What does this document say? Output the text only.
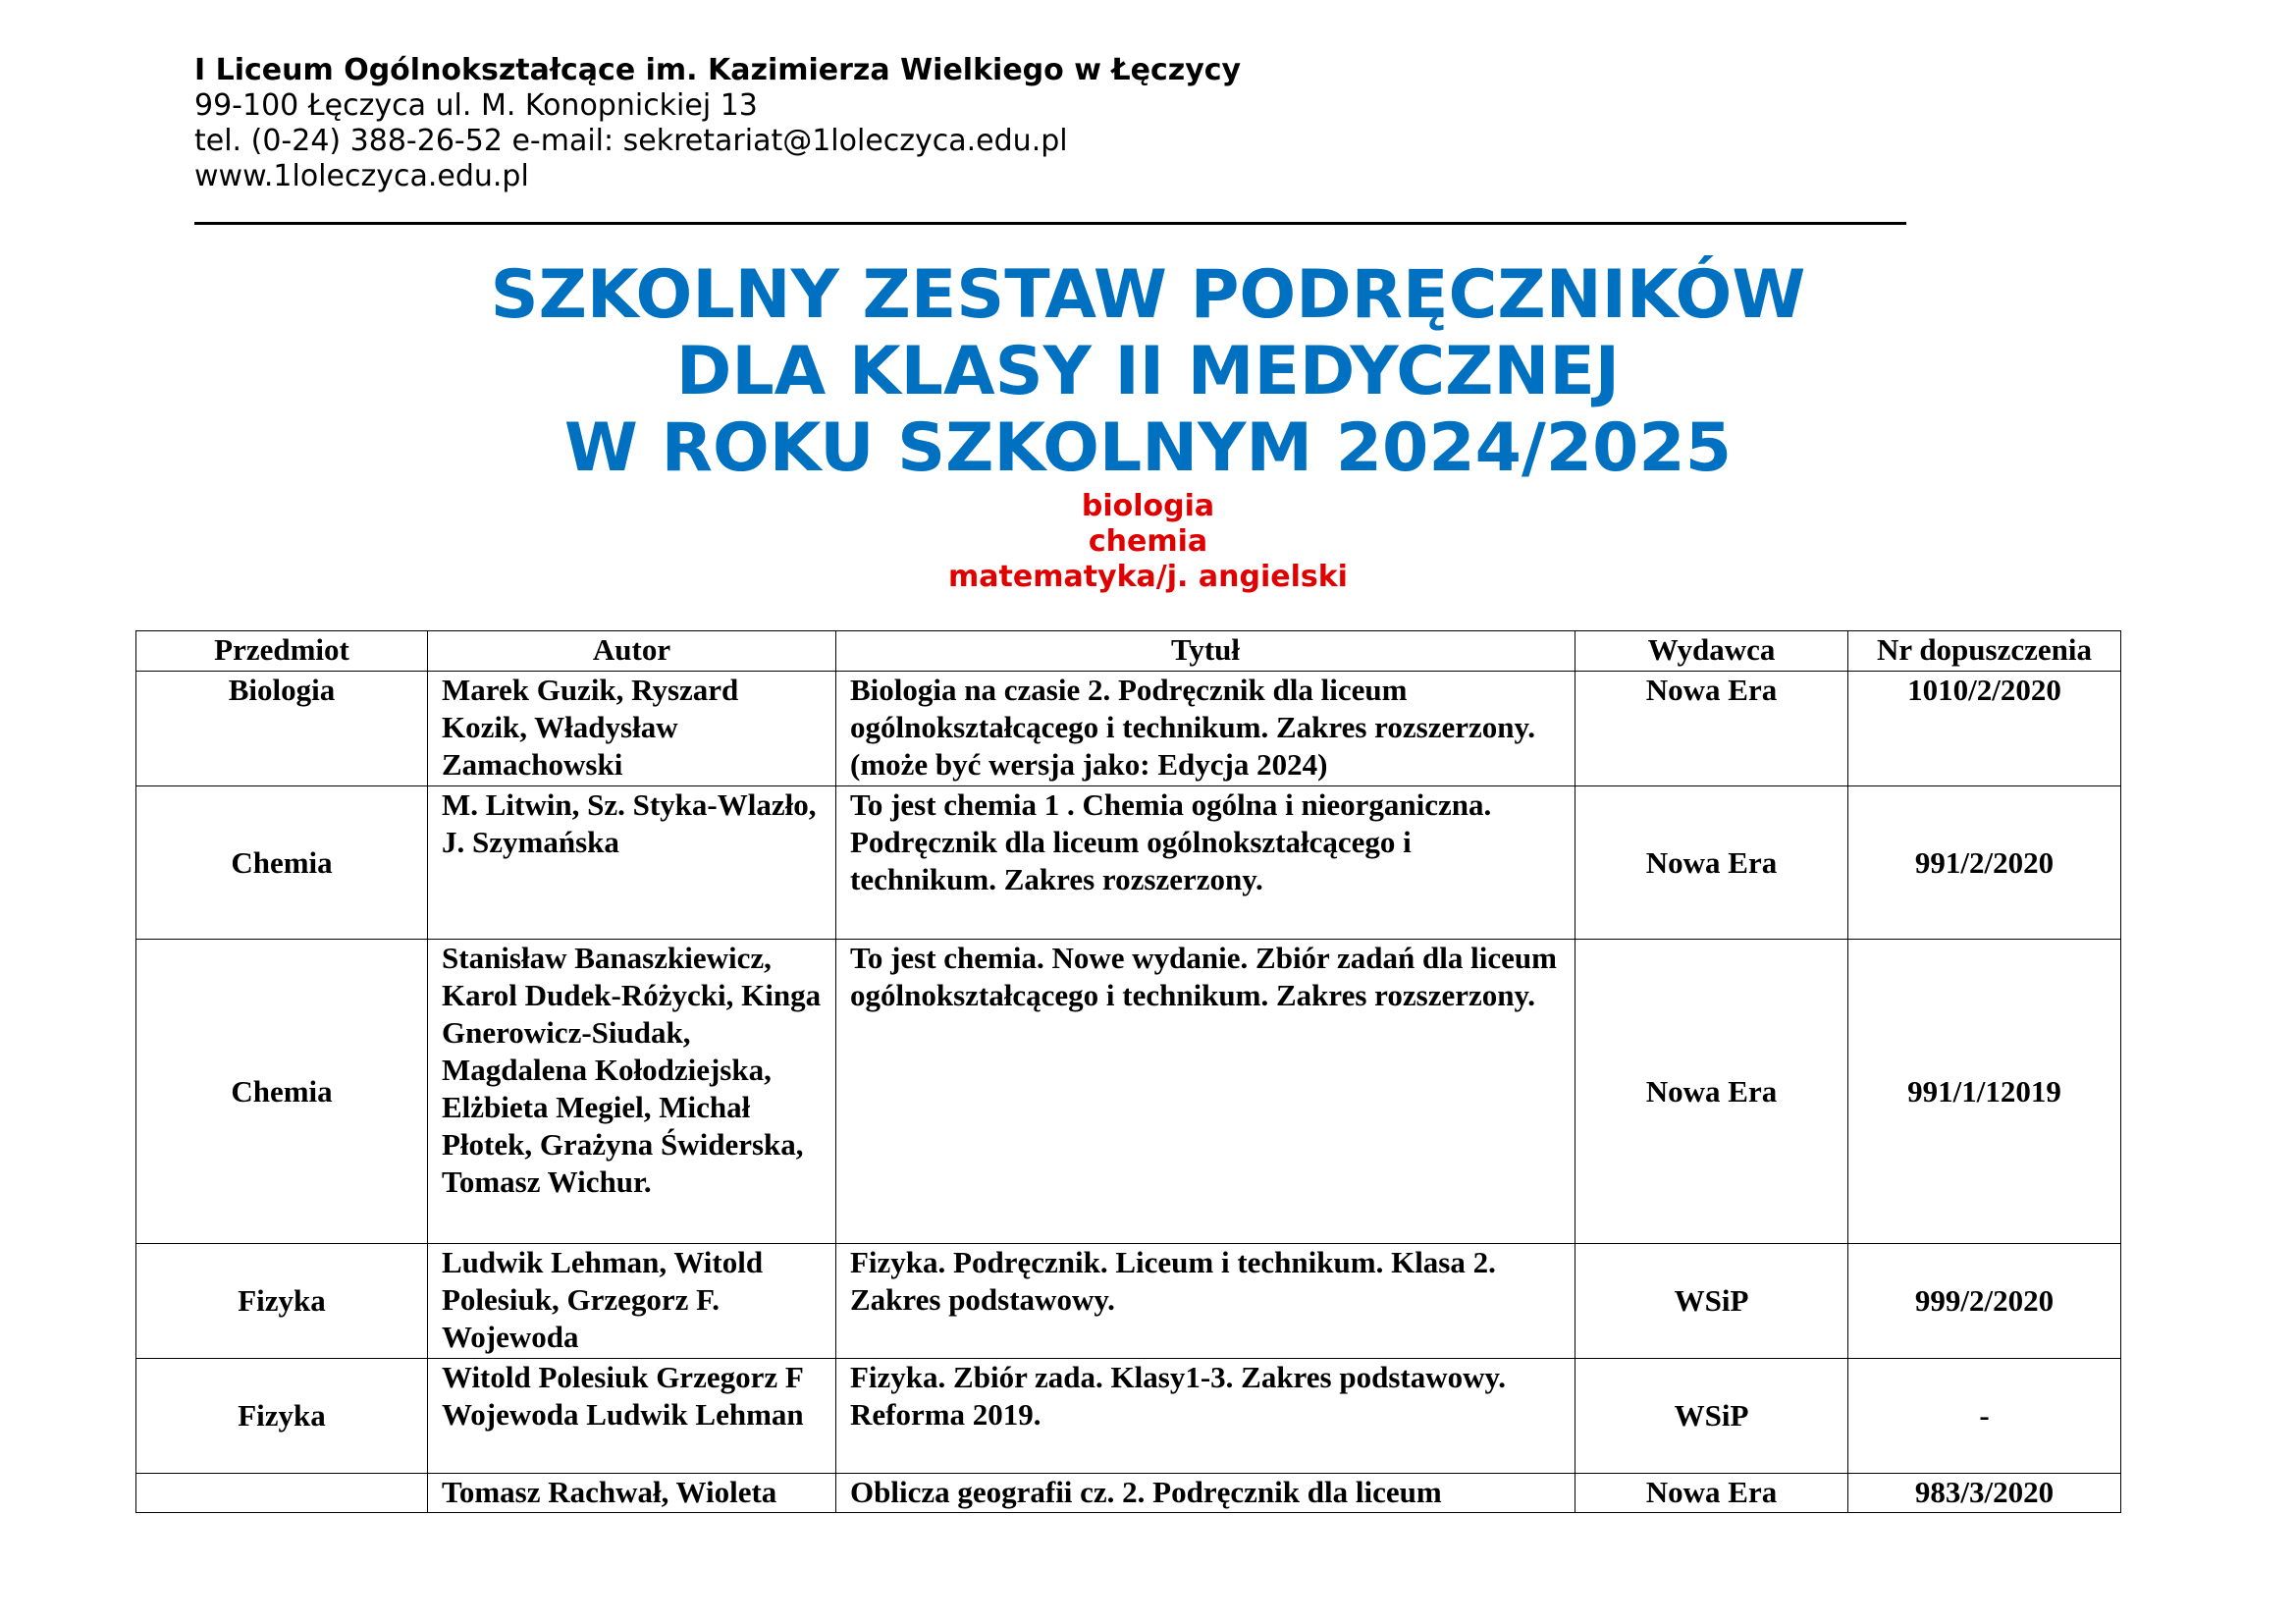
I Liceum Ogólnokształcące im. Kazimierza Wielkiego w Łęczycy
99-100 Łęczyca ul. M. Konopnickiej 13
tel. (0-24) 388-26-52 e-mail: sekretariat@1loleczyca.edu.pl
www.1loleczyca.edu.pl
SZKOLNY ZESTAW PODRĘCZNIKÓW
DLA KLASY II MEDYCZNEJ
W ROKU SZKOLNYM 2024/2025
biologia
chemia
matematyka/j. angielski
Przedmiot	Autor	Tytuł	Wydawca	Nr dopuszczenia
Biologia	Marek Guzik, Ryszard Kozik, Władysław Zamachowski	Biologia na czasie 2. Podręcznik dla liceum ogólnokształcącego i technikum. Zakres rozszerzony. (może być wersja jako: Edycja 2024)	Nowa Era	1010/2/2020
Chemia	M. Litwin, Sz. Styka-Wlazło, J. Szymańska	To jest chemia 1 . Chemia ogólna i nieorganiczna. Podręcznik dla liceum ogólnokształcącego i technikum. Zakres rozszerzony.	Nowa Era	991/2/2020
Chemia	Stanisław Banaszkiewicz, Karol Dudek-Różycki, Kinga Gnerowicz-Siudak, Magdalena Kołodziejska, Elżbieta Megiel, Michał Płotek, Grażyna Świderska, Tomasz Wichur.	To jest chemia. Nowe wydanie. Zbiór zadań dla liceum ogólnokształcącego i technikum. Zakres rozszerzony.	Nowa Era	991/1/12019
Fizyka	Ludwik Lehman, Witold Polesiuk, Grzegorz F. Wojewoda	Fizyka. Podręcznik. Liceum i technikum. Klasa 2. Zakres podstawowy.	WSiP	999/2/2020
Fizyka	Witold Polesiuk Grzegorz F Wojewoda Ludwik Lehman	Fizyka. Zbiór zada. Klasy1-3. Zakres podstawowy. Reforma 2019.	WSiP	-
	Tomasz Rachwał, Wioleta	Oblicza geografii cz. 2. Podręcznik dla liceum	Nowa Era	983/3/2020
